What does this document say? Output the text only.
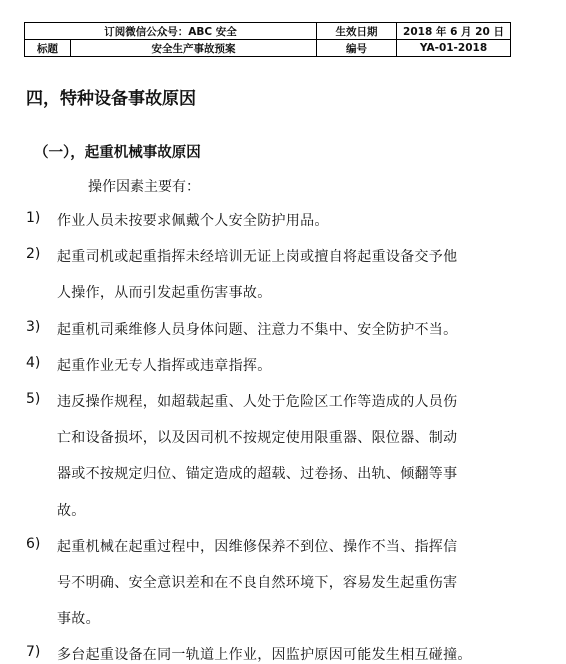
订阅微信公众号：ABC 安全		生效日期	2018 年 6 月 20 日
标题	安全生产事故预案	编号	YA-01-2018
四，特种设备事故原因
（一），起重机械事故原因
操作因素主要有：
1) 作业人员未按要求佩戴个人安全防护用品。
2) 起重司机或起重指挥未经培训无证上岗或擅自将起重设备交予他
人操作，从而引发起重伤害事故。
3) 起重机司乘维修人员身体问题、注意力不集中、安全防护不当。
4) 起重作业无专人指挥或违章指挥。
5) 违反操作规程，如超载起重、人处于危险区工作等造成的人员伤
亡和设备损坏，以及因司机不按规定使用限重器、限位器、制动
器或不按规定归位、锚定造成的超载、过卷扬、出轨、倾翻等事
故。
6) 起重机械在起重过程中，因维修保养不到位、操作不当、指挥信
号不明确、安全意识差和在不良自然环境下，容易发生起重伤害
事故。
7) 多台起重设备在同一轨道上作业，因监护原因可能发生相互碰撞。
